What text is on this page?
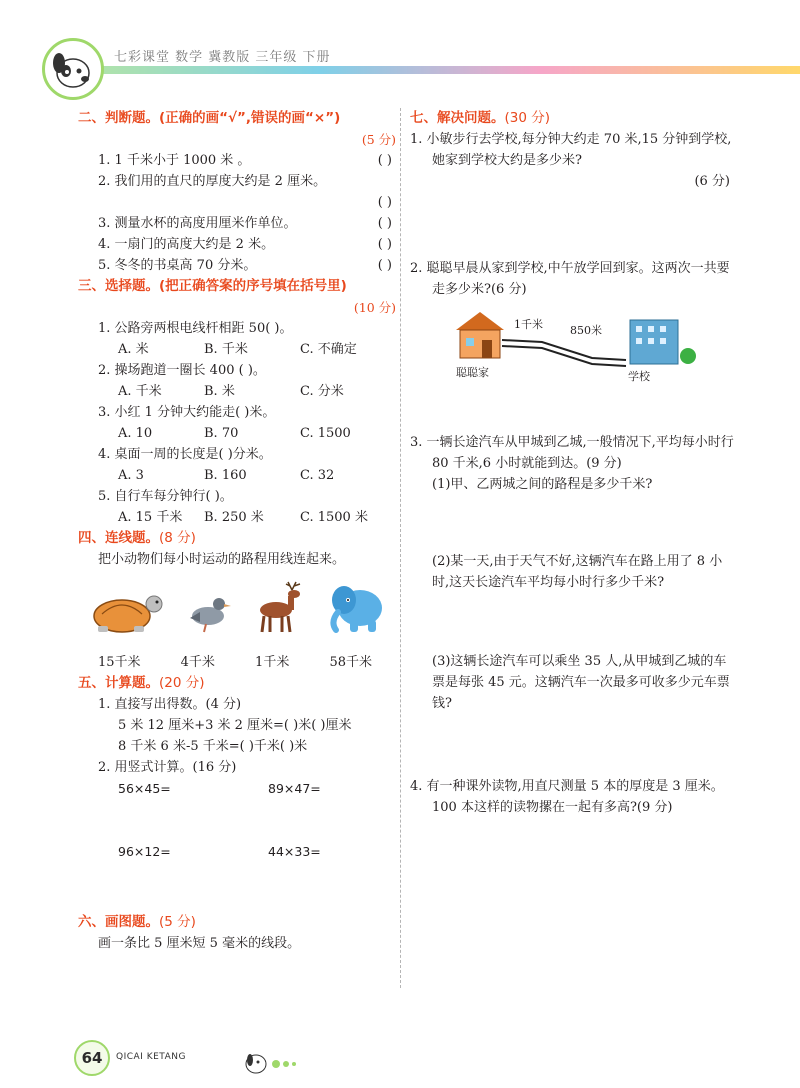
七彩课堂 数学 冀教版 三年级 下册
二、判断题。(正确的画“√”,错误的画“×”)
(5 分)
1. 1 千米小于 1000 米 。	( )
2. 我们用的直尺的厚度大约是 2 厘米。
( )
3. 测量水杯的高度用厘米作单位。	( )
4. 一扇门的高度大约是 2 米。	( )
5. 冬冬的书桌高 70 分米。	( )
三、选择题。(把正确答案的序号填在括号里)
(10 分)
1. 公路旁两根电线杆相距 50( )。
A. 米	B. 千米	C. 不确定
2. 操场跑道一圈长 400 ( )。
A. 千米	B. 米	C. 分米
3. 小红 1 分钟大约能走( )米。
A. 10	B. 70	C. 1500
4. 桌面一周的长度是( )分米。
A. 3	B. 160	C. 32
5. 自行车每分钟行( )。
A. 15 千米	B. 250 米	C. 1500 米
四、连线题。(8 分)
把小动物们每小时运动的路程用线连起来。
15千米	4千米	1千米	58千米
五、计算题。(20 分)
1. 直接写出得数。(4 分)
5 米 12 厘米+3 米 2 厘米=( )米( )厘米
8 千米 6 米-5 千米=( )千米( )米
2. 用竖式计算。(16 分)
56×45=	89×47=
96×12=	44×33=
六、画图题。(5 分)
画一条比 5 厘米短 5 毫米的线段。
七、解决问题。(30 分)
1. 小敏步行去学校,每分钟大约走 70 米,15 分钟到学校,她家到学校大约是多少米?
(6 分)
2. 聪聪早晨从家到学校,中午放学回到家。这两次一共要走多少米?(6 分)
1千米 850米
聪聪家	学校
3. 一辆长途汽车从甲城到乙城,一般情况下,平均每小时行 80 千米,6 小时就能到达。(9 分)
(1)甲、乙两城之间的路程是多少千米?
(2)某一天,由于天气不好,这辆汽车在路上用了 8 小时,这天长途汽车平均每小时行多少千米?
(3)这辆长途汽车可以乘坐 35 人,从甲城到乙城的车票是每张 45 元。这辆汽车一次最多可收多少元车票钱?
4. 有一种课外读物,用直尺测量 5 本的厚度是 3 厘米。100 本这样的读物摞在一起有多高?(9 分)
64	QICAI KETANG
